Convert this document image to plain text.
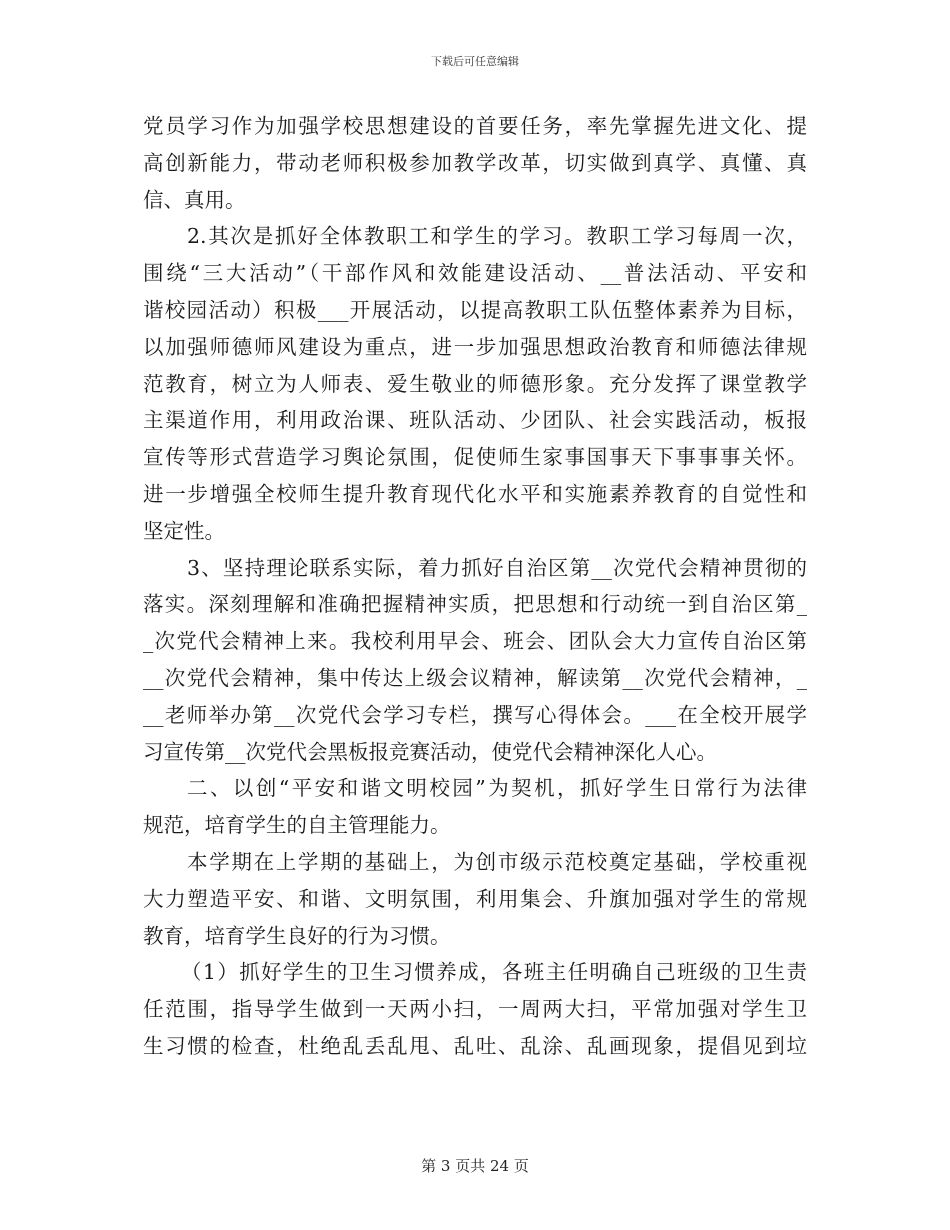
下载后可任意编辑
党员学习作为加强学校思想建设的首要任务，率先掌握先进文化、提
高创新能力，带动老师积极参加教学改革，切实做到真学、真懂、真
信、真用。
2.其次是抓好全体教职工和学生的学习。教职工学习每周一次，
围绕“三大活动”（干部作风和效能建设活动、__普法活动、平安和
谐校园活动）积极___开展活动，以提高教职工队伍整体素养为目标，
以加强师德师风建设为重点，进一步加强思想政治教育和师德法律规
范教育，树立为人师表、爱生敬业的师德形象。充分发挥了课堂教学
主渠道作用，利用政治课、班队活动、少团队、社会实践活动，板报
宣传等形式营造学习舆论氛围，促使师生家事国事天下事事事关怀。
进一步增强全校师生提升教育现代化水平和实施素养教育的自觉性和
坚定性。
3、坚持理论联系实际，着力抓好自治区第__次党代会精神贯彻的
落实。深刻理解和准确把握精神实质，把思想和行动统一到自治区第_
_次党代会精神上来。我校利用早会、班会、团队会大力宣传自治区第
__次党代会精神，集中传达上级会议精神，解读第__次党代会精神，_
__老师举办第__次党代会学习专栏，撰写心得体会。___在全校开展学
习宣传第__次党代会黑板报竞赛活动，使党代会精神深化人心。
二、以创“平安和谐文明校园”为契机，抓好学生日常行为法律
规范，培育学生的自主管理能力。
本学期在上学期的基础上，为创市级示范校奠定基础，学校重视
大力塑造平安、和谐、文明氛围，利用集会、升旗加强对学生的常规
教育，培育学生良好的行为习惯。
（1）抓好学生的卫生习惯养成，各班主任明确自己班级的卫生责
任范围，指导学生做到一天两小扫，一周两大扫，平常加强对学生卫
生习惯的检查，杜绝乱丢乱甩、乱吐、乱涂、乱画现象，提倡见到垃
第 3 页共 24 页
